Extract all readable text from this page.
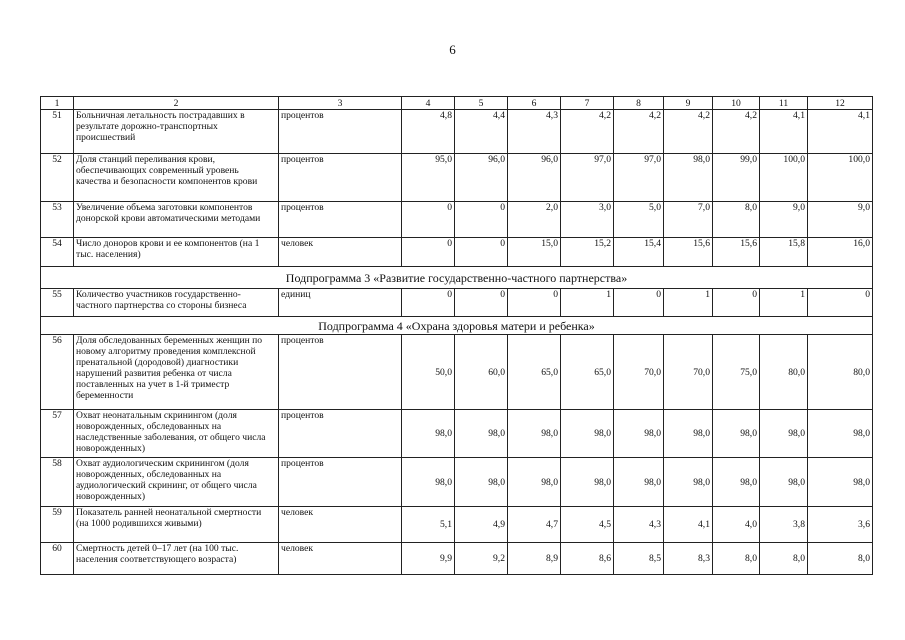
6
1	2	3	4	5	6	7	8	9	10	11	12
51	Больничная летальность пострадавших в результате дорожно-транспортных происшествий	процентов	4,8	4,4	4,3	4,2	4,2	4,2	4,2	4,1	4,1
52	Доля станций переливания крови, обеспечивающих современный уровень качества и безопасности компонентов крови	процентов	95,0	96,0	96,0	97,0	97,0	98,0	99,0	100,0	100,0
53	Увеличение объема заготовки компонентов донорской крови автоматическими методами	процентов	0	0	2,0	3,0	5,0	7,0	8,0	9,0	9,0
54	Число доноров крови и ее компонентов (на 1 тыс. населения)	человек	0	0	15,0	15,2	15,4	15,6	15,6	15,8	16,0
Подпрограмма 3 «Развитие государственно-частного партнерства»											
55	Количество участников государственно-частного партнерства со стороны бизнеса	единиц	0	0	0	1	0	1	0	1	0
Подпрограмма 4 «Охрана здоровья матери и ребенка»											
56	Доля обследованных беременных женщин по новому алгоритму проведения комплексной пренатальной (дородовой) диагностики нарушений развития ребенка от числа поставленных на учет в 1-й триместр беременности	процентов	50,0	60,0	65,0	65,0	70,0	70,0	75,0	80,0	80,0
57	Охват неонатальным скринингом (доля новорожденных, обследованных на наследственные заболевания, от общего числа новорожденных)	процентов	98,0	98,0	98,0	98,0	98,0	98,0	98,0	98,0	98,0
58	Охват аудиологическим скринингом (доля новорожденных, обследованных на аудиологический скрининг, от общего числа новорожденных)	процентов	98,0	98,0	98,0	98,0	98,0	98,0	98,0	98,0	98,0
59	Показатель ранней неонатальной смертности (на 1000 родившихся живыми)	человек	5,1	4,9	4,7	4,5	4,3	4,1	4,0	3,8	3,6
60	Смертность детей 0–17 лет (на 100 тыс. населения соответствующего возраста)	человек	9,9	9,2	8,9	8,6	8,5	8,3	8,0	8,0	8,0
